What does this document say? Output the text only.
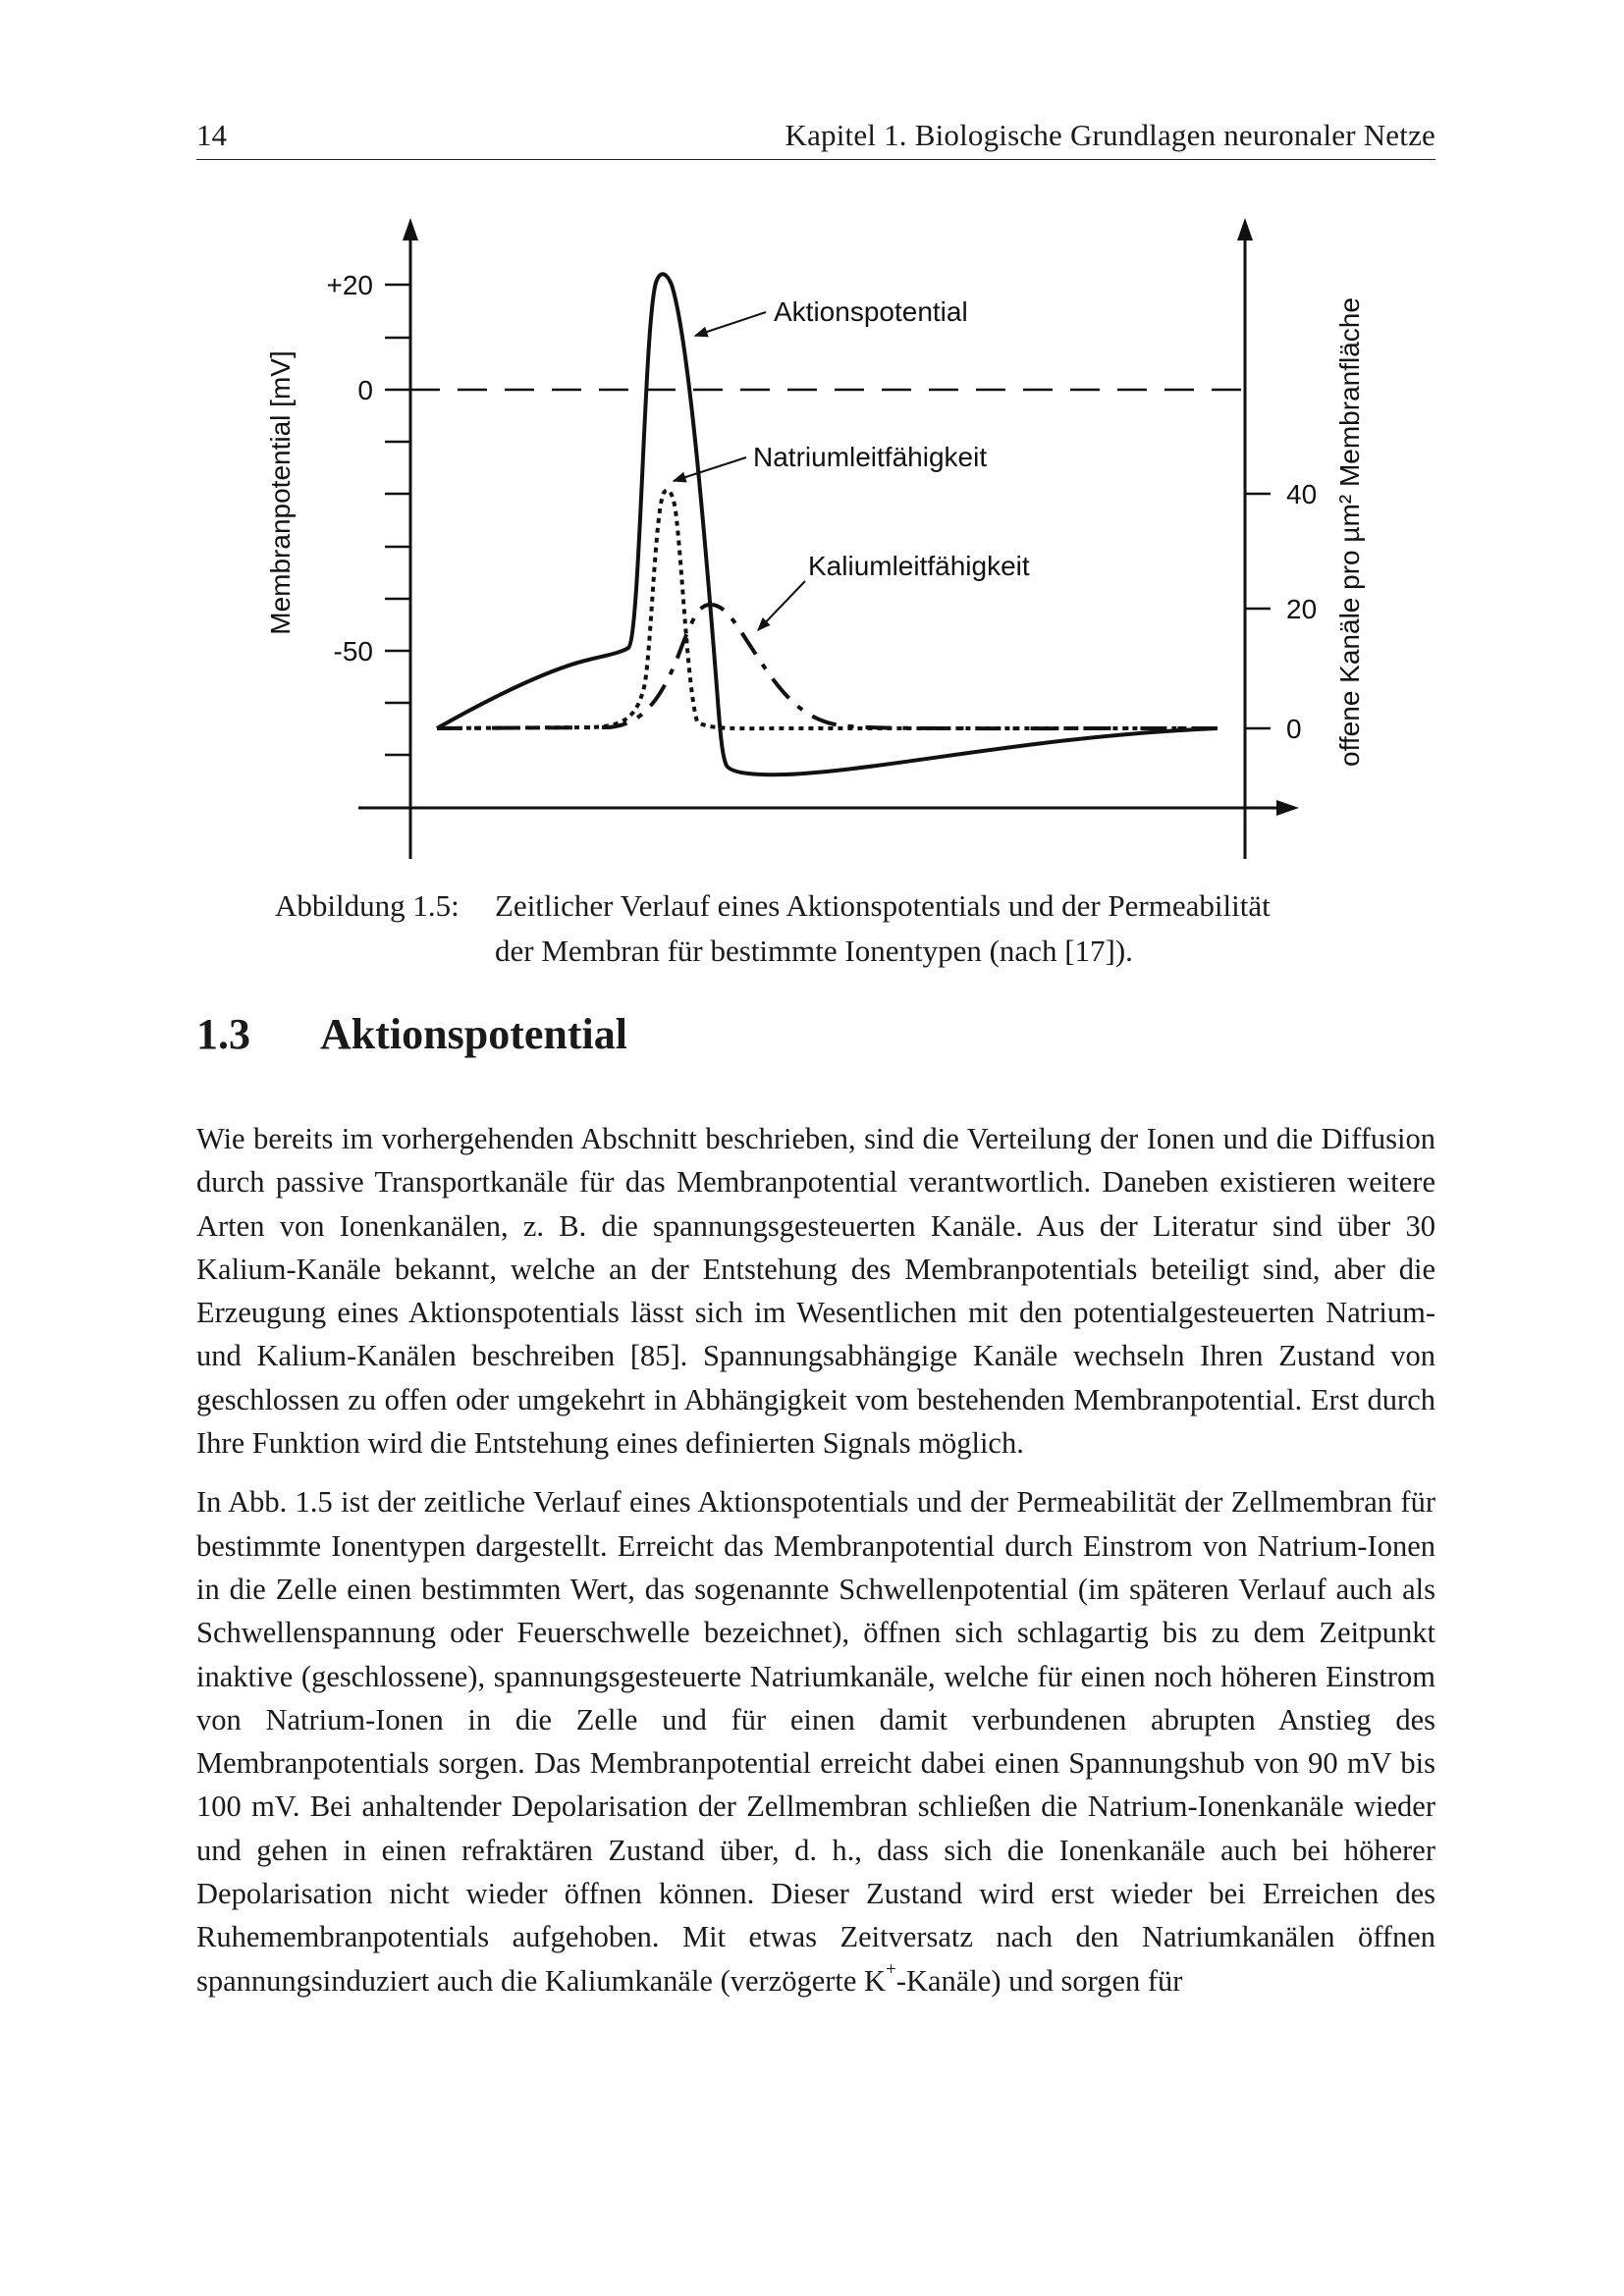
14	Kapitel 1. Biologische Grundlagen neuronaler Netze
+20
0
-50
40
20
0
Membranpotential [mV]	offene Kanäle pro µm² Membranfläche
Aktionspotential
Natriumleitfähigkeit
Kaliumleitfähigkeit
Abbildung 1.5: Zeitlicher Verlauf eines Aktionspotentials und der Permeabilität
der Membran für bestimmte Ionentypen (nach [17]).
1.3 Aktionspotential

Wie bereits im vorhergehenden Abschnitt beschrieben, sind die Verteilung der Ionen und die Diffusion durch passive Transportkanäle für das Membranpotential verantwortlich. Daneben existieren weitere Arten von Ionenkanälen, z. B. die spannungsgesteuerten Kanäle. Aus der Literatur sind über 30 Kalium-Kanäle bekannt, welche an der Entstehung des Membranpotentials beteiligt sind, aber die Erzeugung eines Aktionspotentials lässt sich im Wesentlichen mit den potentialgesteuerten Natrium- und Kalium-Kanälen beschreiben [85]. Spannungsabhängige Kanäle wechseln Ihren Zustand von geschlossen zu offen oder umgekehrt in Abhängigkeit vom bestehenden Membranpotential. Erst durch Ihre Funktion wird die Entstehung eines definierten Signals möglich.

In Abb. 1.5 ist der zeitliche Verlauf eines Aktionspotentials und der Permeabilität der Zellmembran für bestimmte Ionentypen dargestellt. Erreicht das Membranpotential durch Einstrom von Natrium-Ionen in die Zelle einen bestimmten Wert, das sogenannte Schwellenpotential (im späteren Verlauf auch als Schwellenspannung oder Feuerschwelle bezeichnet), öffnen sich schlagartig bis zu dem Zeitpunkt inaktive (geschlossene), spannungsgesteuerte Natriumkanäle, welche für einen noch höheren Einstrom von Natrium-Ionen in die Zelle und für einen damit verbundenen abrupten Anstieg des Membranpotentials sorgen. Das Membranpotential erreicht dabei einen Spannungshub von 90 mV bis 100 mV. Bei anhaltender Depolarisation der Zellmembran schließen die Natrium-Ionenkanäle wieder und gehen in einen refraktären Zustand über, d. h., dass sich die Ionenkanäle auch bei höherer Depolarisation nicht wieder öffnen können. Dieser Zustand wird erst wieder bei Erreichen des Ruhemembranpotentials aufgehoben. Mit etwas Zeitversatz nach den Natriumkanälen öffnen spannungsinduziert auch die Kaliumkanäle (verzögerte K+-Kanäle) und sorgen für
